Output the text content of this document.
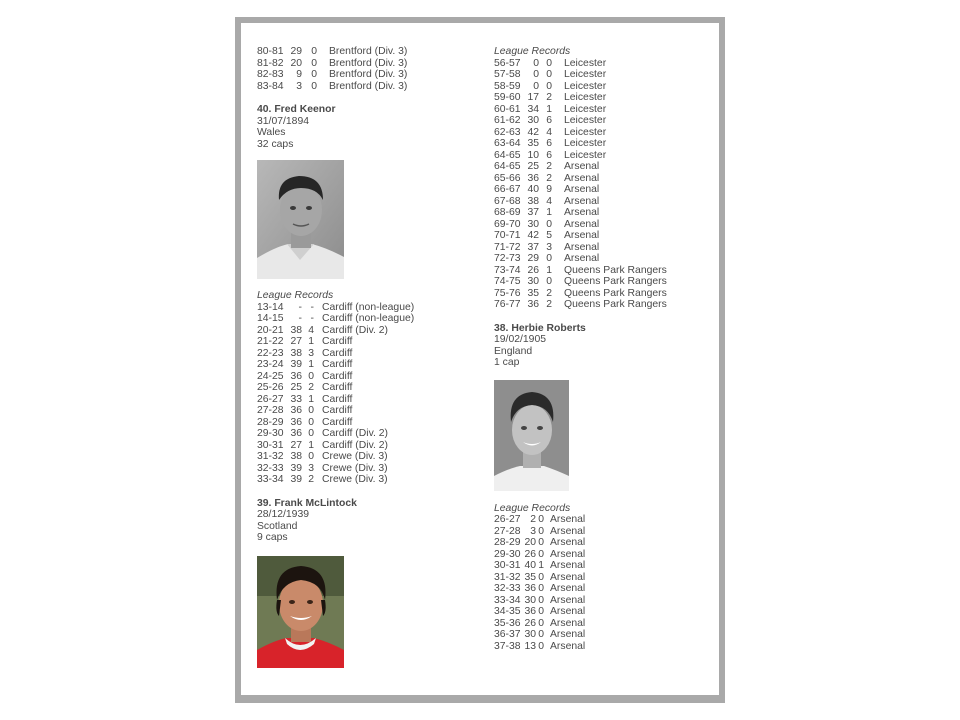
80-81 29 0	Brentford (Div. 3)
81-82 20 0	Brentford (Div. 3)
82-83	9 0	Brentford (Div. 3)
83-84	3 0	Brentford (Div. 3)
40. Fred Keenor
31/07/1894
Wales
32 caps
League Records
13-14	- - Cardiff (non-league)
14-15	- - Cardiff (non-league)
20-21 38 4 Cardiff (Div. 2)
21-22 27 1 Cardiff
22-23 38 3 Cardiff
23-24 39 1 Cardiff
24-25 36 0 Cardiff
25-26 25 2 Cardiff
26-27 33 1 Cardiff
27-28 36 0 Cardiff
28-29 36 0 Cardiff
29-30 36 0 Cardiff (Div. 2)
30-31 27 1 Cardiff (Div. 2)
31-32 38 0 Crewe (Div. 3)
32-33 39 3 Crewe (Div. 3)
33-34 39 2 Crewe (Div. 3)
39. Frank McLintock
28/12/1939
Scotland
9 caps
League Records
56-57	0 0	Leicester
57-58	0 0	Leicester
58-59	0 0	Leicester
59-60 17 2	Leicester
60-61 34 1	Leicester
61-62 30 6	Leicester
62-63 42 4	Leicester
63-64 35 6	Leicester
64-65 10 6	Leicester
64-65 25 2	Arsenal
65-66 36 2	Arsenal
66-67 40 9	Arsenal
67-68 38 4	Arsenal
68-69 37 1	Arsenal
69-70 30 0	Arsenal
70-71 42 5	Arsenal
71-72 37 3	Arsenal
72-73 29 0	Arsenal
73-74 26 1	Queens Park Rangers
74-75 30 0	Queens Park Rangers
75-76 35 2	Queens Park Rangers
76-77 36 2	Queens Park Rangers
38. Herbie Roberts
19/02/1905
England
1 cap
League Records
26-27 2 0 Arsenal
27-28 3 0 Arsenal
28-29 20 0 Arsenal
29-30 26 0 Arsenal
30-31 40 1 Arsenal
31-32 35 0 Arsenal
32-33 36 0 Arsenal
33-34 30 0 Arsenal
34-35 36 0 Arsenal
35-36 26 0 Arsenal
36-37 30 0 Arsenal
37-38 13 0 Arsenal
